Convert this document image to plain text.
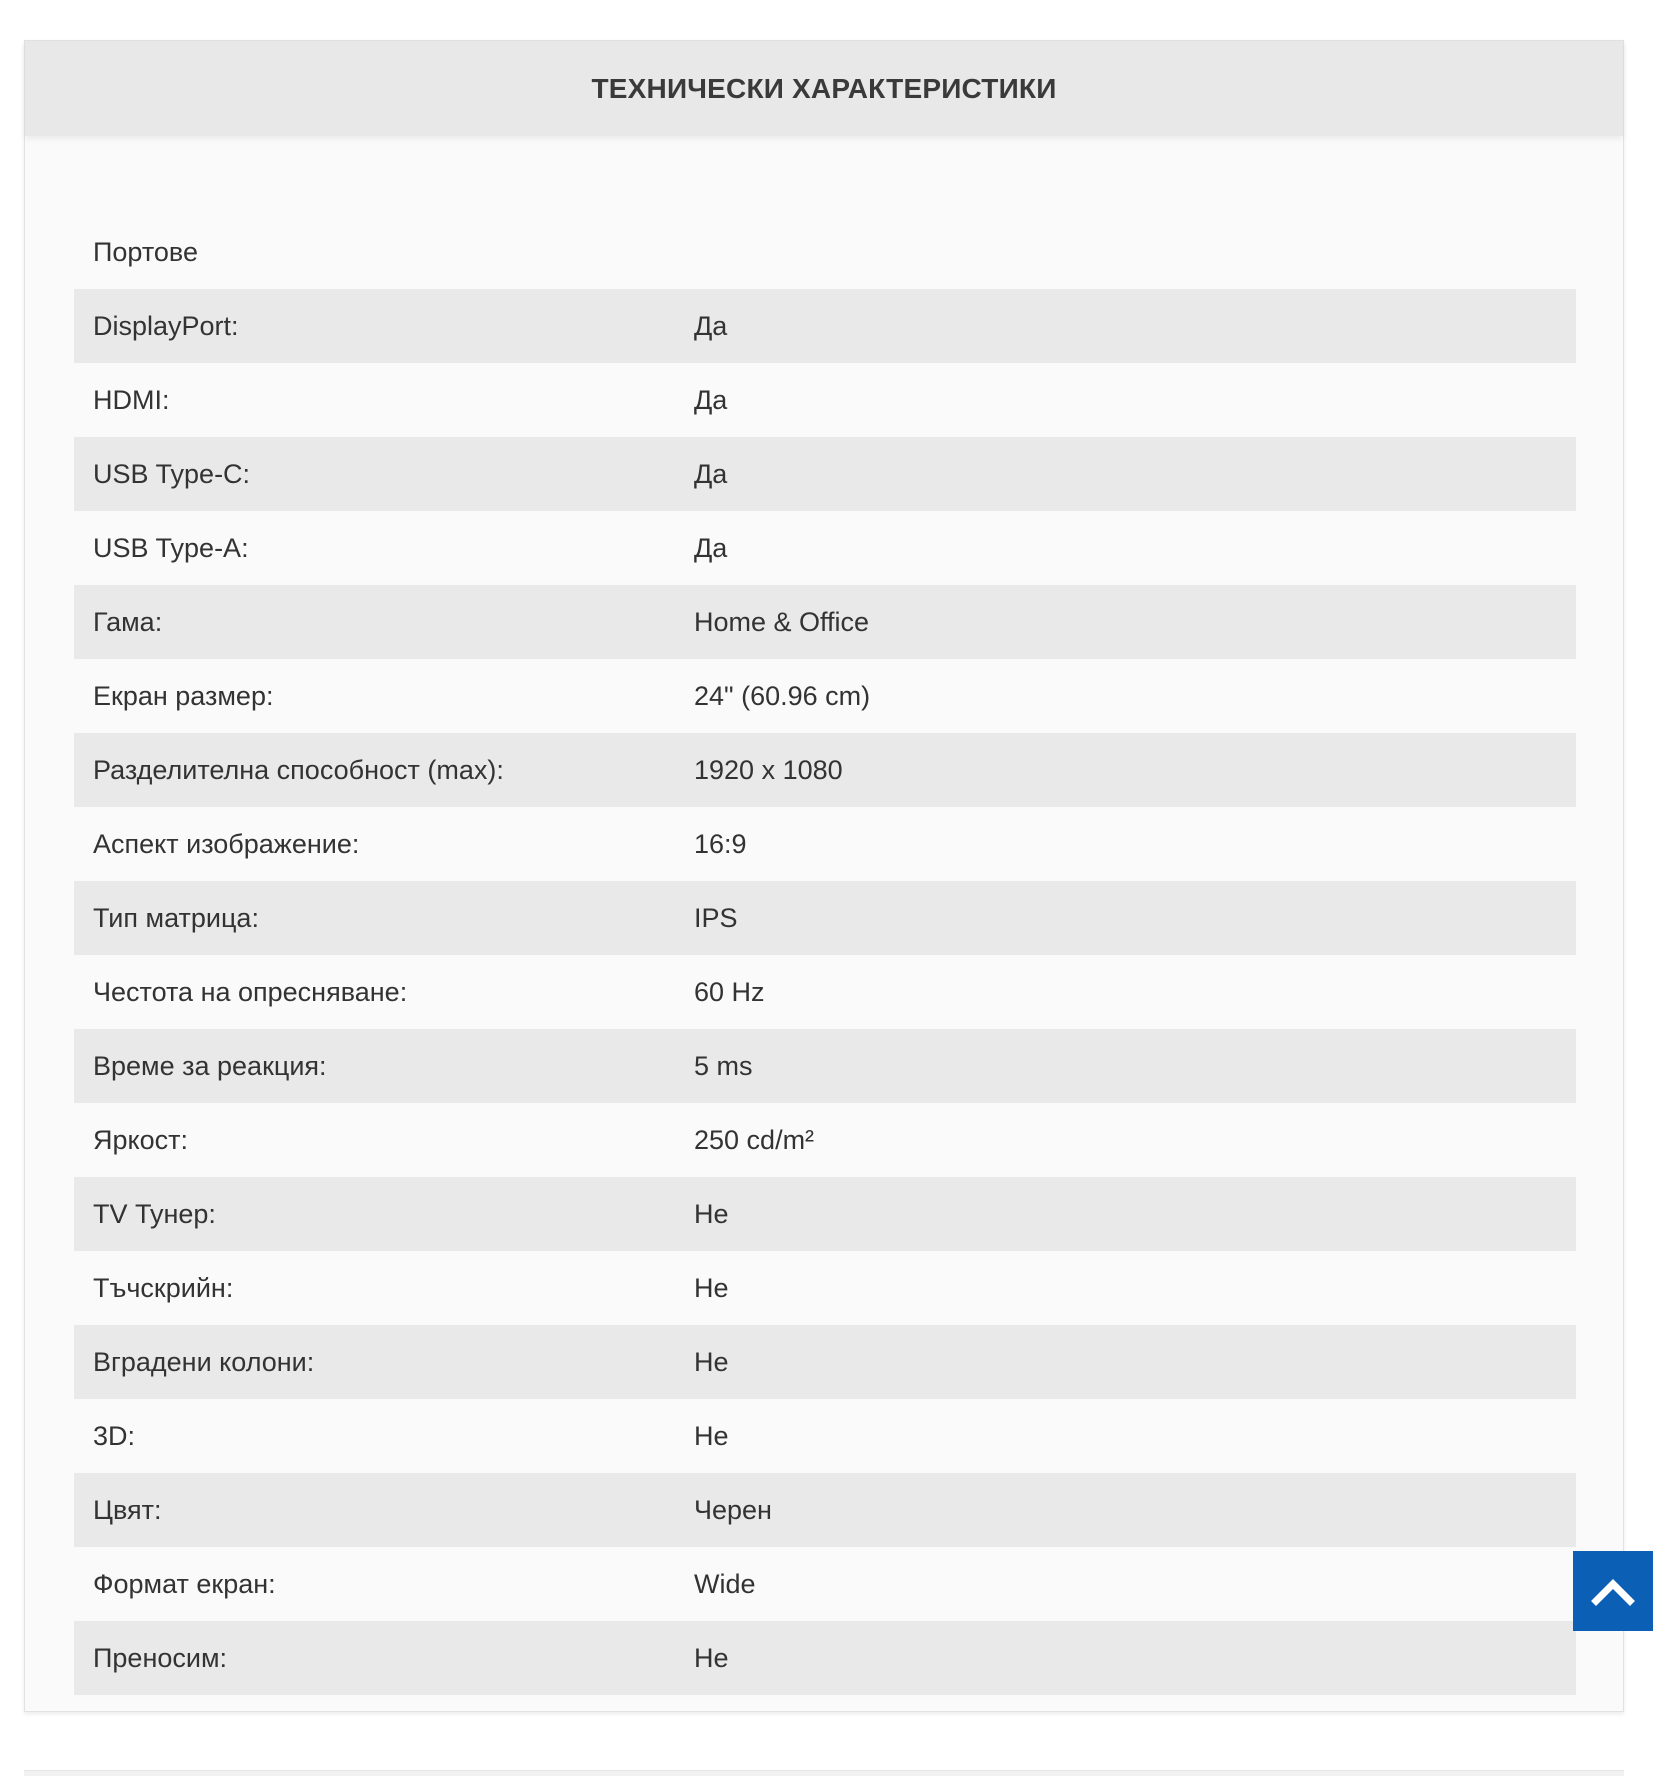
ТЕХНИЧЕСКИ ХАРАКТЕРИСТИКИ
Портове	
DisplayPort:	Да
HDMI:	Да
USB Type-C:	Да
USB Type-A:	Да
Гама:	Home & Office
Екран размер:	24" (60.96 cm)
Разделителна способност (max):	1920 x 1080
Аспект изображение:	16:9
Тип матрица:	IPS
Честота на опресняване:	60 Hz
Време за реакция:	5 ms
Яркост:	250 cd/m²
TV Тунер:	Не
Тъчскрийн:	Не
Вградени колони:	Не
3D:	Не
Цвят:	Черен
Формат екран:	Wide
Преносим:	Не
